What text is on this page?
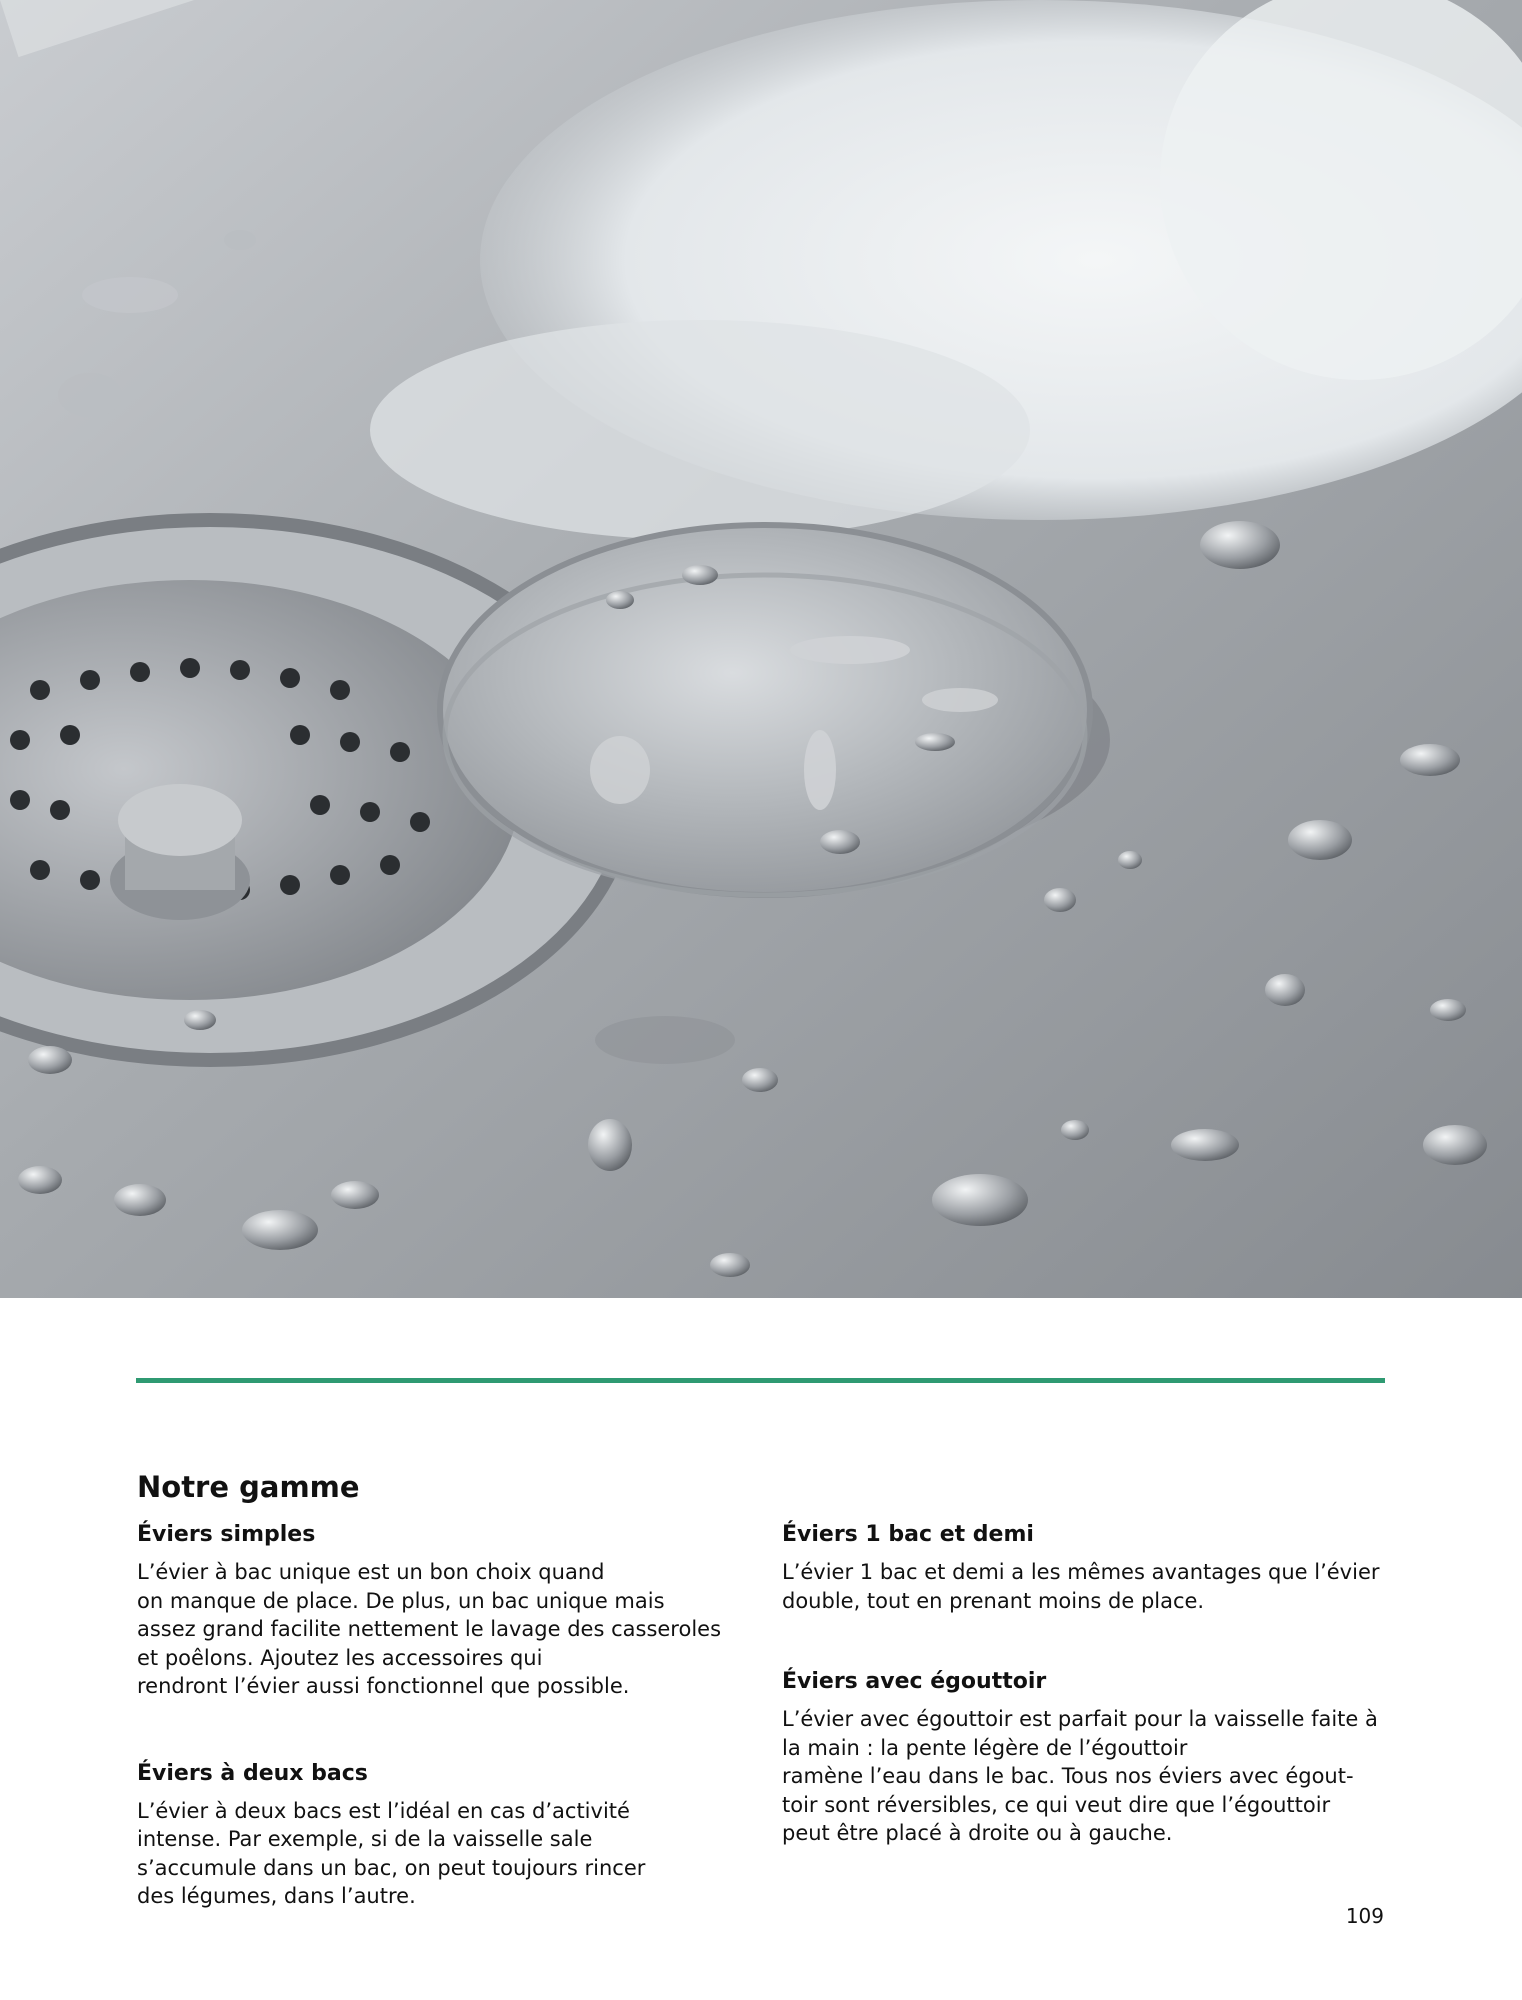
Notre gamme
Éviers simples

L’évier à bac unique est un bon choix quand
on manque de place. De plus, un bac unique mais
assez grand facilite nettement le lavage des casseroles
et poêlons. Ajoutez les accessoires qui
rendront l’évier aussi fonctionnel que possible.

Éviers à deux bacs

L’évier à deux bacs est l’idéal en cas d’activité
intense. Par exemple, si de la vaisselle sale
s’accumule dans un bac, on peut toujours rincer
des légumes, dans l’autre.

Éviers 1 bac et demi

L’évier 1 bac et demi a les mêmes avantages que l’évier
double, tout en prenant moins de place.

Éviers avec égouttoir

L’évier avec égouttoir est parfait pour la vaisselle faite à
la main : la pente légère de l’égouttoir
ramène l’eau dans le bac. Tous nos éviers avec égout-
toir sont réversibles, ce qui veut dire que l’égouttoir
peut être placé à droite ou à gauche.

109
